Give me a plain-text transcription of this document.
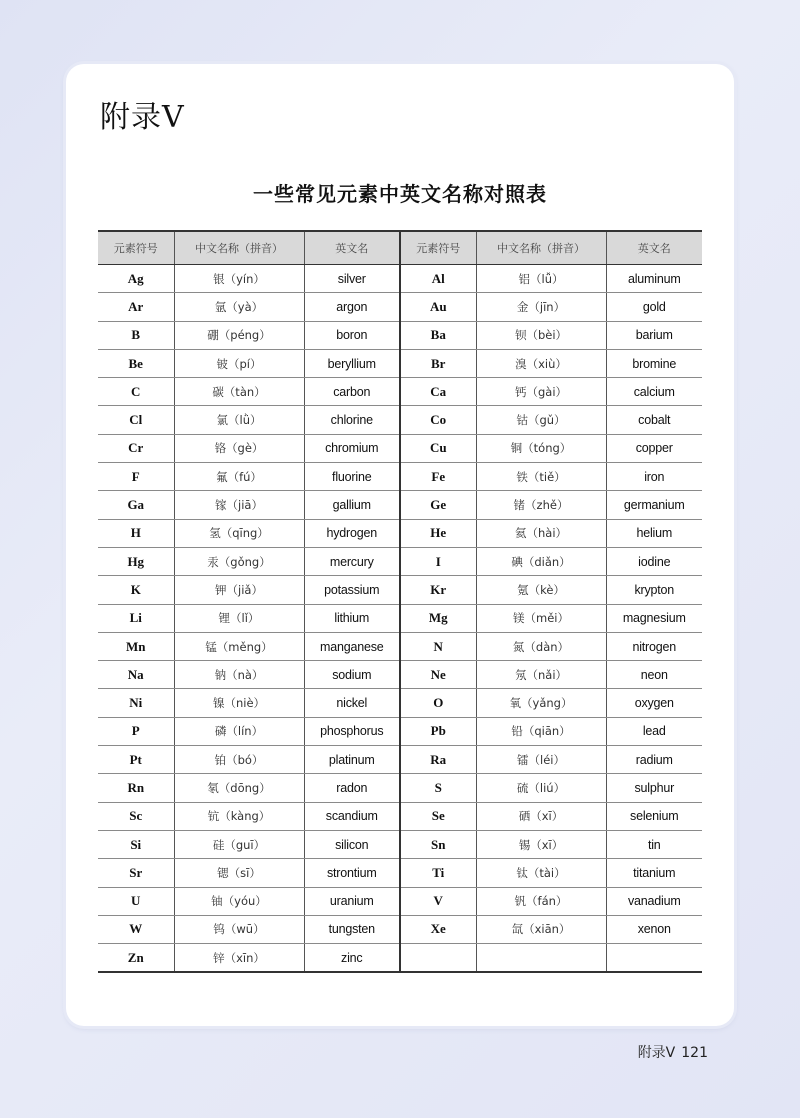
附录Ⅴ
一些常见元素中英文名称对照表
元素符号	中文名称（拼音）	英文名	元素符号	中文名称（拼音）	英文名
Ag	银（yín）	silver	Al	铝（lǚ）	aluminum
Ar	氩（yà）	argon	Au	金（jīn）	gold
B	硼（péng）	boron	Ba	钡（bèi）	barium
Be	铍（pí）	beryllium	Br	溴（xiù）	bromine
C	碳（tàn）	carbon	Ca	钙（gài）	calcium
Cl	氯（lǜ）	chlorine	Co	钴（gǔ）	cobalt
Cr	铬（gè）	chromium	Cu	铜（tóng）	copper
F	氟（fú）	fluorine	Fe	铁（tiě）	iron
Ga	镓（jiā）	gallium	Ge	锗（zhě）	germanium
H	氢（qīng）	hydrogen	He	氦（hài）	helium
Hg	汞（gǒng）	mercury	I	碘（diǎn）	iodine
K	钾（jiǎ）	potassium	Kr	氪（kè）	krypton
Li	锂（lǐ）	lithium	Mg	镁（měi）	magnesium
Mn	锰（měng）	manganese	N	氮（dàn）	nitrogen
Na	钠（nà）	sodium	Ne	氖（nǎi）	neon
Ni	镍（niè）	nickel	O	氧（yǎng）	oxygen
P	磷（lín）	phosphorus	Pb	铅（qiān）	lead
Pt	铂（bó）	platinum	Ra	镭（léi）	radium
Rn	氡（dōng）	radon	S	硫（liú）	sulphur
Sc	钪（kàng）	scandium	Se	硒（xī）	selenium
Si	硅（guī）	silicon	Sn	锡（xī）	tin
Sr	锶（sī）	strontium	Ti	钛（tài）	titanium
U	铀（yóu）	uranium	V	钒（fán）	vanadium
W	钨（wū）	tungsten	Xe	氙（xiān）	xenon
Zn	锌（xīn）	zinc			
附录Ⅴ 121
